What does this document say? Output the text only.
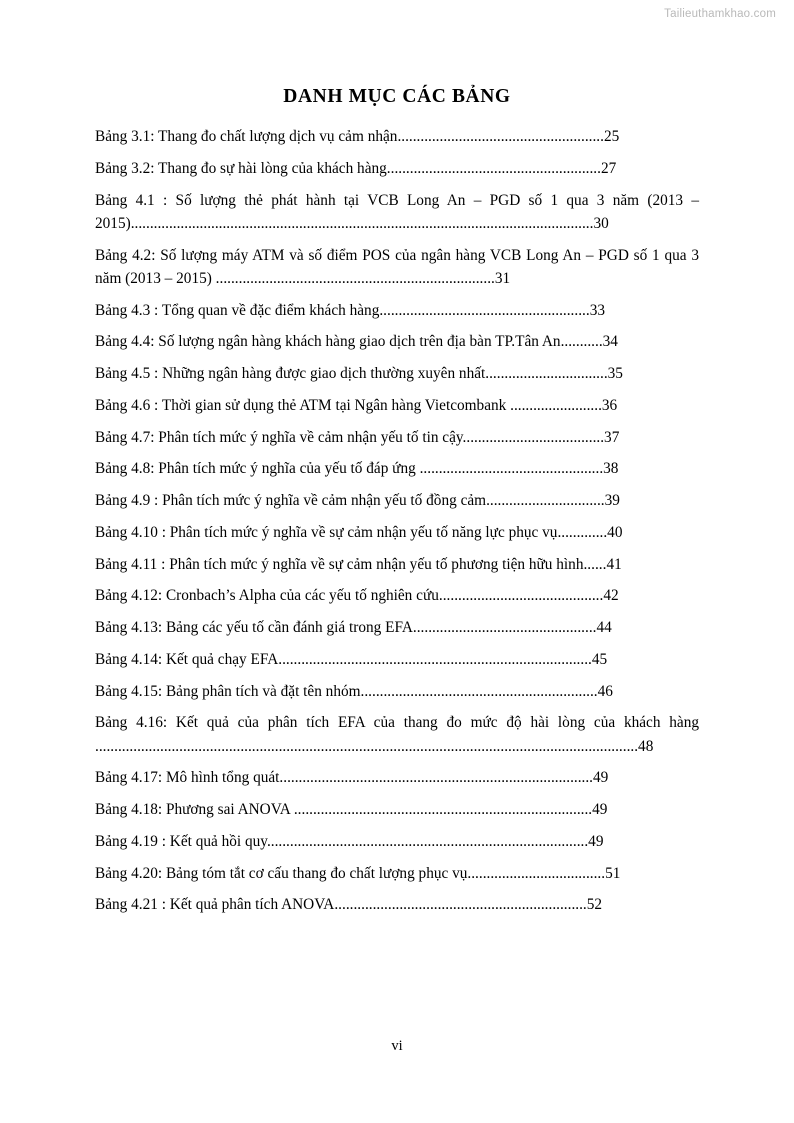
Tailieuthamkhao.com
DANH MỤC CÁC BẢNG
Bảng 3.1: Thang đo chất lượng dịch vụ cảm nhận......................................................25
Bảng 3.2: Thang đo sự hài lòng của khách hàng........................................................27
Bảng 4.1 : Số lượng thẻ phát hành tại VCB Long An – PGD số 1 qua 3 năm (2013 – 2015).........................................................................................................................30
Bảng 4.2: Số lượng máy ATM và số điểm POS của ngân hàng VCB Long An – PGD số 1 qua 3 năm (2013 – 2015) .........................................................................31
Bảng 4.3 : Tổng quan về đặc điểm khách hàng.......................................................33
Bảng 4.4: Số lượng ngân hàng khách hàng giao dịch trên địa bàn TP.Tân An...........34
Bảng 4.5 : Những ngân hàng được giao dịch thường xuyên nhất................................35
Bảng 4.6 : Thời gian sử dụng thẻ ATM tại Ngân hàng Vietcombank ........................36
Bảng 4.7: Phân tích mức ý nghĩa về cảm nhận yếu tố tin cậy.....................................37
Bảng 4.8: Phân tích mức ý nghĩa của yếu tố đáp ứng ................................................38
Bảng 4.9 : Phân tích mức ý nghĩa về cảm nhận yếu tố đồng cảm...............................39
Bảng 4.10 : Phân tích mức ý nghĩa về sự cảm nhận yếu tố năng lực phục vụ.............40
Bảng 4.11 : Phân tích mức ý nghĩa về sự cảm nhận yếu tố phương tiện hữu hình......41
Bảng 4.12: Cronbach’s Alpha của các yếu tố nghiên cứu...........................................42
Bảng 4.13: Bảng các yếu tố cần đánh giá trong EFA................................................44
Bảng 4.14: Kết quả chạy EFA..................................................................................45
Bảng 4.15: Bảng phân tích và đặt tên nhóm..............................................................46
Bảng 4.16: Kết quả của phân tích EFA của thang đo mức độ hài lòng của khách hàng ..............................................................................................................................................48
Bảng 4.17: Mô hình tổng quát..................................................................................49
Bảng 4.18: Phương sai ANOVA ..............................................................................49
Bảng 4.19 : Kết quả hồi quy....................................................................................49
Bảng 4.20: Bảng tóm tắt cơ cấu thang đo chất lượng phục vụ....................................51
Bảng 4.21 : Kết quả phân tích ANOVA..................................................................52
vi
